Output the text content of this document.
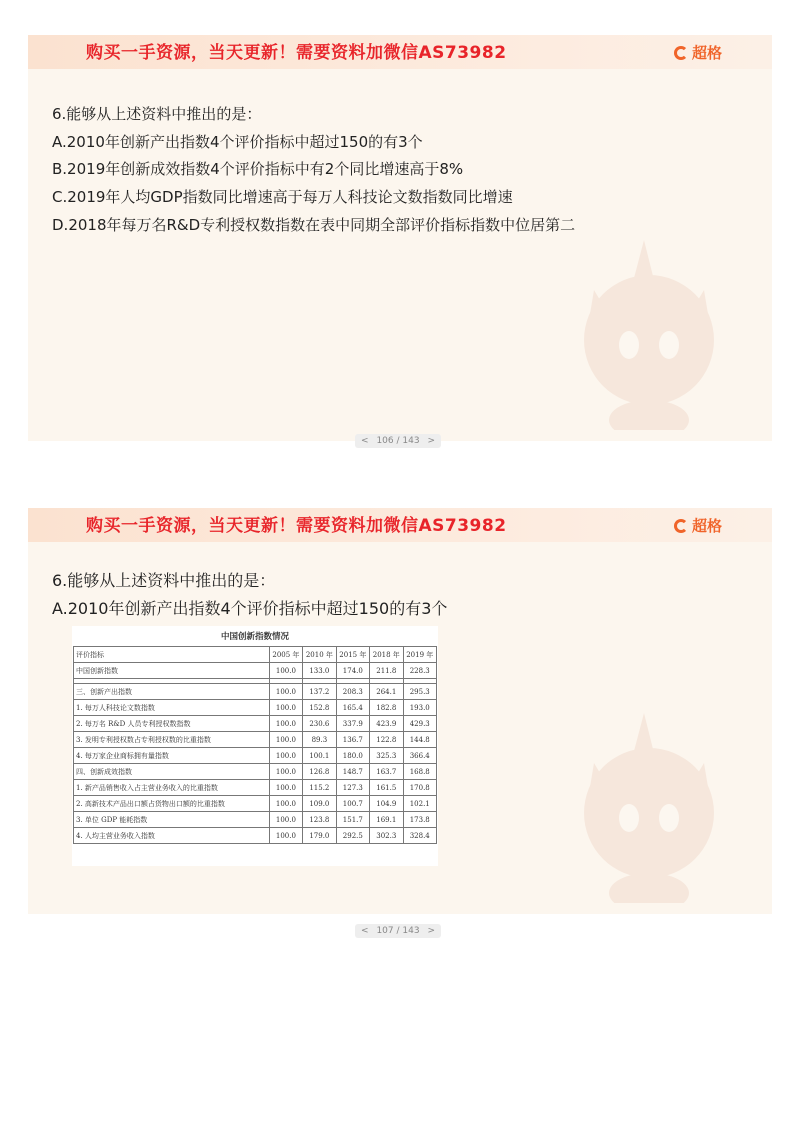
购买一手资源，当天更新！需要资料加微信AS73982	超格
6.能够从上述资料中推出的是：
A.2010年创新产出指数4个评价指标中超过150的有3个
B.2019年创新成效指数4个评价指标中有2个同比增速高于8%
C.2019年人均GDP指数同比增速高于每万人科技论文数指数同比增速
D.2018年每万名R&D专利授权数指数在表中同期全部评价指标指数中位居第二
< 106 / 143 >
购买一手资源，当天更新！需要资料加微信AS73982	超格
6.能够从上述资料中推出的是：
A.2010年创新产出指数4个评价指标中超过150的有3个
中国创新指数情况
评价指标	2005 年	2010 年	2015 年	2018 年	2019 年
中国创新指数	100.0	133.0	174.0	211.8	228.3

三、创新产出指数	100.0	137.2	208.3	264.1	295.3
1. 每万人科技论文数指数	100.0	152.8	165.4	182.8	193.0
2. 每万名 R&D 人员专利授权数指数	100.0	230.6	337.9	423.9	429.3
3. 发明专利授权数占专利授权数的比重指数	100.0	89.3	136.7	122.8	144.8
4. 每万家企业商标拥有量指数	100.0	100.1	180.0	325.3	366.4
四、创新成效指数	100.0	126.8	148.7	163.7	168.8
1. 新产品销售收入占主营业务收入的比重指数	100.0	115.2	127.3	161.5	170.8
2. 高新技术产品出口额占货物出口额的比重指数	100.0	109.0	100.7	104.9	102.1
3. 单位 GDP 能耗指数	100.0	123.8	151.7	169.1	173.8
4. 人均主营业务收入指数	100.0	179.0	292.5	302.3	328.4
< 107 / 143 >
